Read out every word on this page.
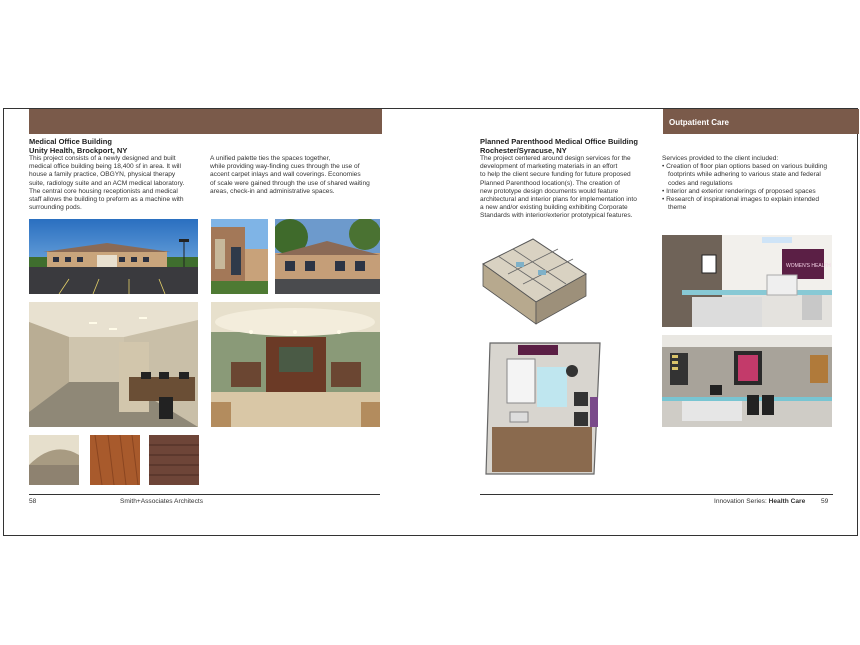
Medical Office Building
Unity Health, Brockport, NY

This project consists of a newly designed and built

medical office building being 18,400 sf in area. It will

house a family practice, OBGYN, physical therapy

suite, radiology suite and an ACM medical laboratory.

The central core housing receptionists and medical

staff allows the building to preform as a machine with

surrounding pods.

A unified palette ties the spaces together,

while providing way-finding cues through the use of

accent carpet inlays and wall coverings. Economies

of scale were gained through the use of shared waiting

areas, check-in and administrative spaces.

58	Smith+Associates Architects
Outpatient Care
Planned Parenthood Medical Office Building
Rochester/Syracuse, NY

The project centered around design services for the

development of marketing materials in an effort

to help the client secure funding for future proposed

Planned Parenthood location(s). The creation of

new prototype design documents would feature

architectural and interior plans for implementation into

a new and/or existing building exhibiting Corporate

Standards with interior/exterior prototypical features.

Services provided to the client included:

• Creation of floor plan options based on various building footprints while adhering to various state and federal codes and regulations

• Interior and exterior renderings of proposed spaces

• Research of inspirational images to explain intended theme

WOMEN'S HEALTH
Innovation Series: Health Care 59
